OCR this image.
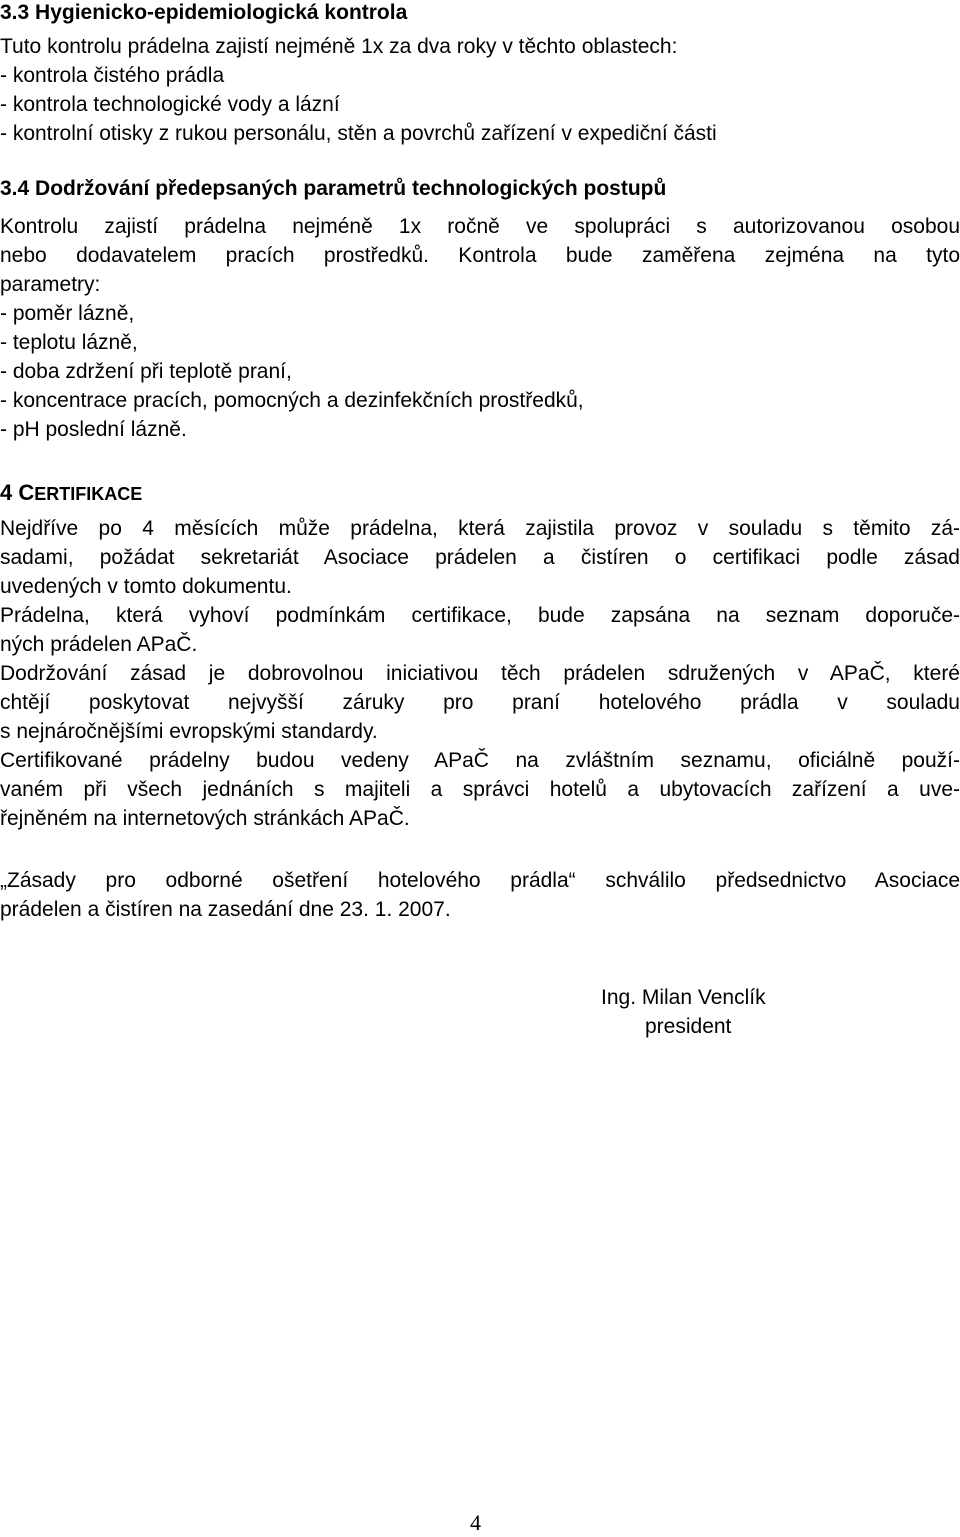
3.3 Hygienicko-epidemiologická kontrola
Tuto kontrolu prádelna zajistí nejméně 1x za dva roky v těchto oblastech:
- kontrola čistého prádla
- kontrola technologické vody a lázní
- kontrolní otisky z rukou personálu, stěn a povrchů zařízení v expediční části
3.4 Dodržování předepsaných parametrů technologických postupů
Kontrolu zajistí prádelna nejméně 1x ročně ve spolupráci s autorizovanou osobou
nebo dodavatelem pracích prostředků. Kontrola bude zaměřena zejména na tyto
parametry:
- poměr lázně,
- teplotu lázně,
- doba zdržení při teplotě praní,
- koncentrace pracích, pomocných a dezinfekčních prostředků,
- pH poslední lázně.
4 CERTIFIKACE
Nejdříve po 4 měsících může prádelna, která zajistila provoz v souladu s těmito zá-
sadami, požádat sekretariát Asociace prádelen a čistíren o certifikaci podle zásad
uvedených v tomto dokumentu.
Prádelna, která vyhoví podmínkám certifikace, bude zapsána na seznam doporuče-
ných prádelen APaČ.
Dodržování zásad je dobrovolnou iniciativou těch prádelen sdružených v APaČ, které
chtějí poskytovat nejvyšší záruky pro praní hotelového prádla v souladu
s nejnáročnějšími evropskými standardy.
Certifikované prádelny budou vedeny APaČ na zvláštním seznamu, oficiálně použí-
vaném při všech jednáních s majiteli a správci hotelů a ubytovacích zařízení a uve-
řejněném na internetových stránkách APaČ.
„Zásady pro odborné ošetření hotelového prádla“ schválilo předsednictvo Asociace
prádelen a čistíren na zasedání dne 23. 1. 2007.
Ing. Milan Venclík
president
4
